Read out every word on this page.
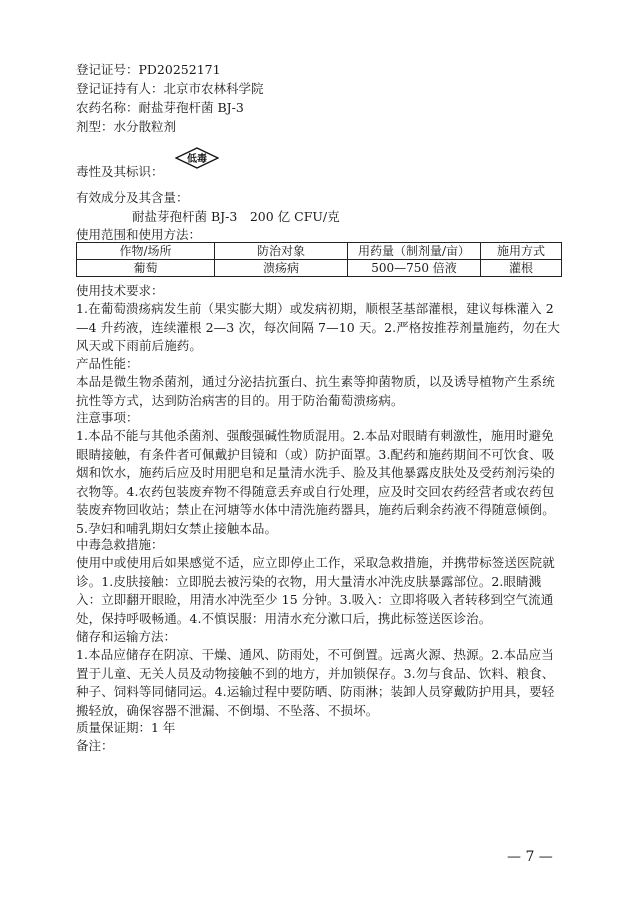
登记证号：PD20252171
登记证持有人：北京市农林科学院
农药名称：耐盐芽孢杆菌 BJ-3
剂型：水分散粒剂
毒性及其标识：
低毒
有效成分及其含量：
耐盐芽孢杆菌 BJ-3　200 亿 CFU/克
使用范围和使用方法：
作物/场所	防治对象	用药量（制剂量/亩）	施用方式
葡萄	溃疡病	500—750 倍液	灌根
使用技术要求：
1.在葡萄溃疡病发生前（果实膨大期）或发病初期，顺根茎基部灌根，建议每株灌入 2—4 升药液，连续灌根 2—3 次，每次间隔 7—10 天。2.严格按推荐剂量施药，勿在大风天或下雨前后施药。
产品性能：
本品是微生物杀菌剂，通过分泌拮抗蛋白、抗生素等抑菌物质，以及诱导植物产生系统抗性等方式，达到防治病害的目的。用于防治葡萄溃疡病。
注意事项：
1.本品不能与其他杀菌剂、强酸强碱性物质混用。2.本品对眼睛有刺激性，施用时避免眼睛接触，有条件者可佩戴护目镜和（或）防护面罩。3.配药和施药期间不可饮食、吸烟和饮水，施药后应及时用肥皂和足量清水洗手、脸及其他暴露皮肤处及受药剂污染的衣物等。4.农药包装废弃物不得随意丢弃或自行处理，应及时交回农药经营者或农药包装废弃物回收站；禁止在河塘等水体中清洗施药器具，施药后剩余药液不得随意倾倒。5.孕妇和哺乳期妇女禁止接触本品。
中毒急救措施：
使用中或使用后如果感觉不适，应立即停止工作，采取急救措施，并携带标签送医院就诊。1.皮肤接触：立即脱去被污染的衣物，用大量清水冲洗皮肤暴露部位。2.眼睛溅入：立即翻开眼睑，用清水冲洗至少 15 分钟。3.吸入：立即将吸入者转移到空气流通处，保持呼吸畅通。4.不慎误服：用清水充分漱口后，携此标签送医诊治。
储存和运输方法：
1.本品应储存在阴凉、干燥、通风、防雨处，不可倒置。远离火源、热源。2.本品应当置于儿童、无关人员及动物接触不到的地方，并加锁保存。3.勿与食品、饮料、粮食、种子、饲料等同储同运。4.运输过程中要防晒、防雨淋；装卸人员穿戴防护用具，要轻搬轻放，确保容器不泄漏、不倒塌、不坠落、不损坏。
质量保证期：1 年
备注：
— 7 —
